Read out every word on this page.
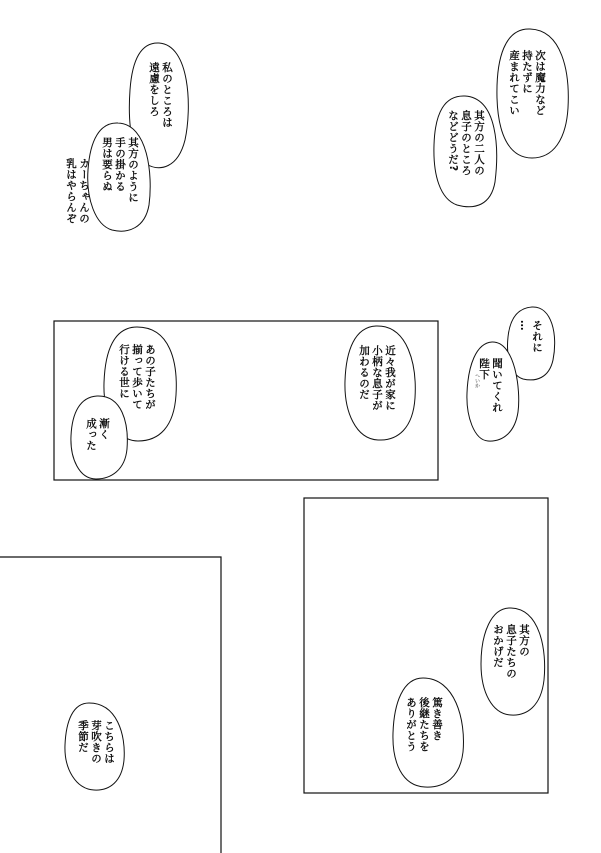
次は魔力など
持たずに
産まれてこい
其方の二人の
息子のところ
などどうだ?
私のところは
遠慮をしろ
其方のように
手の掛かる
男は要らぬ
カーちゃんの
乳はやらんぞ
それに
…
聞いてくれ
陛下
へいか
近々我が家に
小柄な息子が
加わるのだ
あの子たちが
揃って歩いて
行ける世に
漸く
成った
其方の
息子たちの
おかげだ
篤き善き
後継たちを
ありがとう
こちらは
芽吹きの
季節だ
